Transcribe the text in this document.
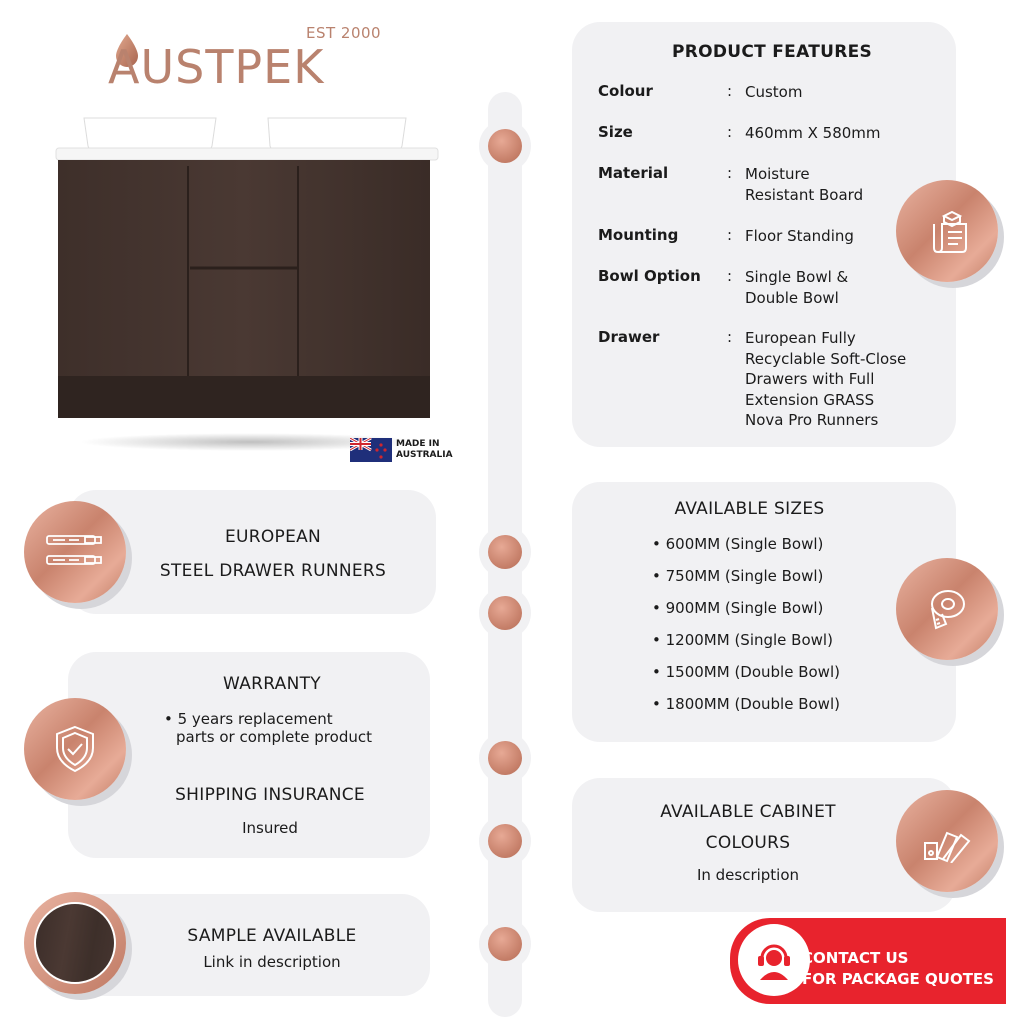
EST 2000
AUSTPEK
MADE IN
AUSTRALIA
PRODUCT FEATURES
Colour	: Custom
Size	: 460mm X 580mm
Material	: Moisture
Resistant Board
Mounting	: Floor Standing
Bowl Option : Single Bowl &
Double Bowl
Drawer	: European Fully
Recyclable Soft-Close
Drawers with Full
Extension GRASS
Nova Pro Runners
EUROPEAN
STEEL DRAWER RUNNERS
AVAILABLE SIZES
• 600MM (Single Bowl)
• 750MM (Single Bowl)
• 900MM (Single Bowl)
• 1200MM (Single Bowl)
• 1500MM (Double Bowl)
• 1800MM (Double Bowl)
WARRANTY
• 5 years replacement
parts or complete product
SHIPPING INSURANCE
Insured
AVAILABLE CABINET
COLOURS
In description
SAMPLE AVAILABLE
Link in description	CONTACT US
FOR PACKAGE QUOTES
